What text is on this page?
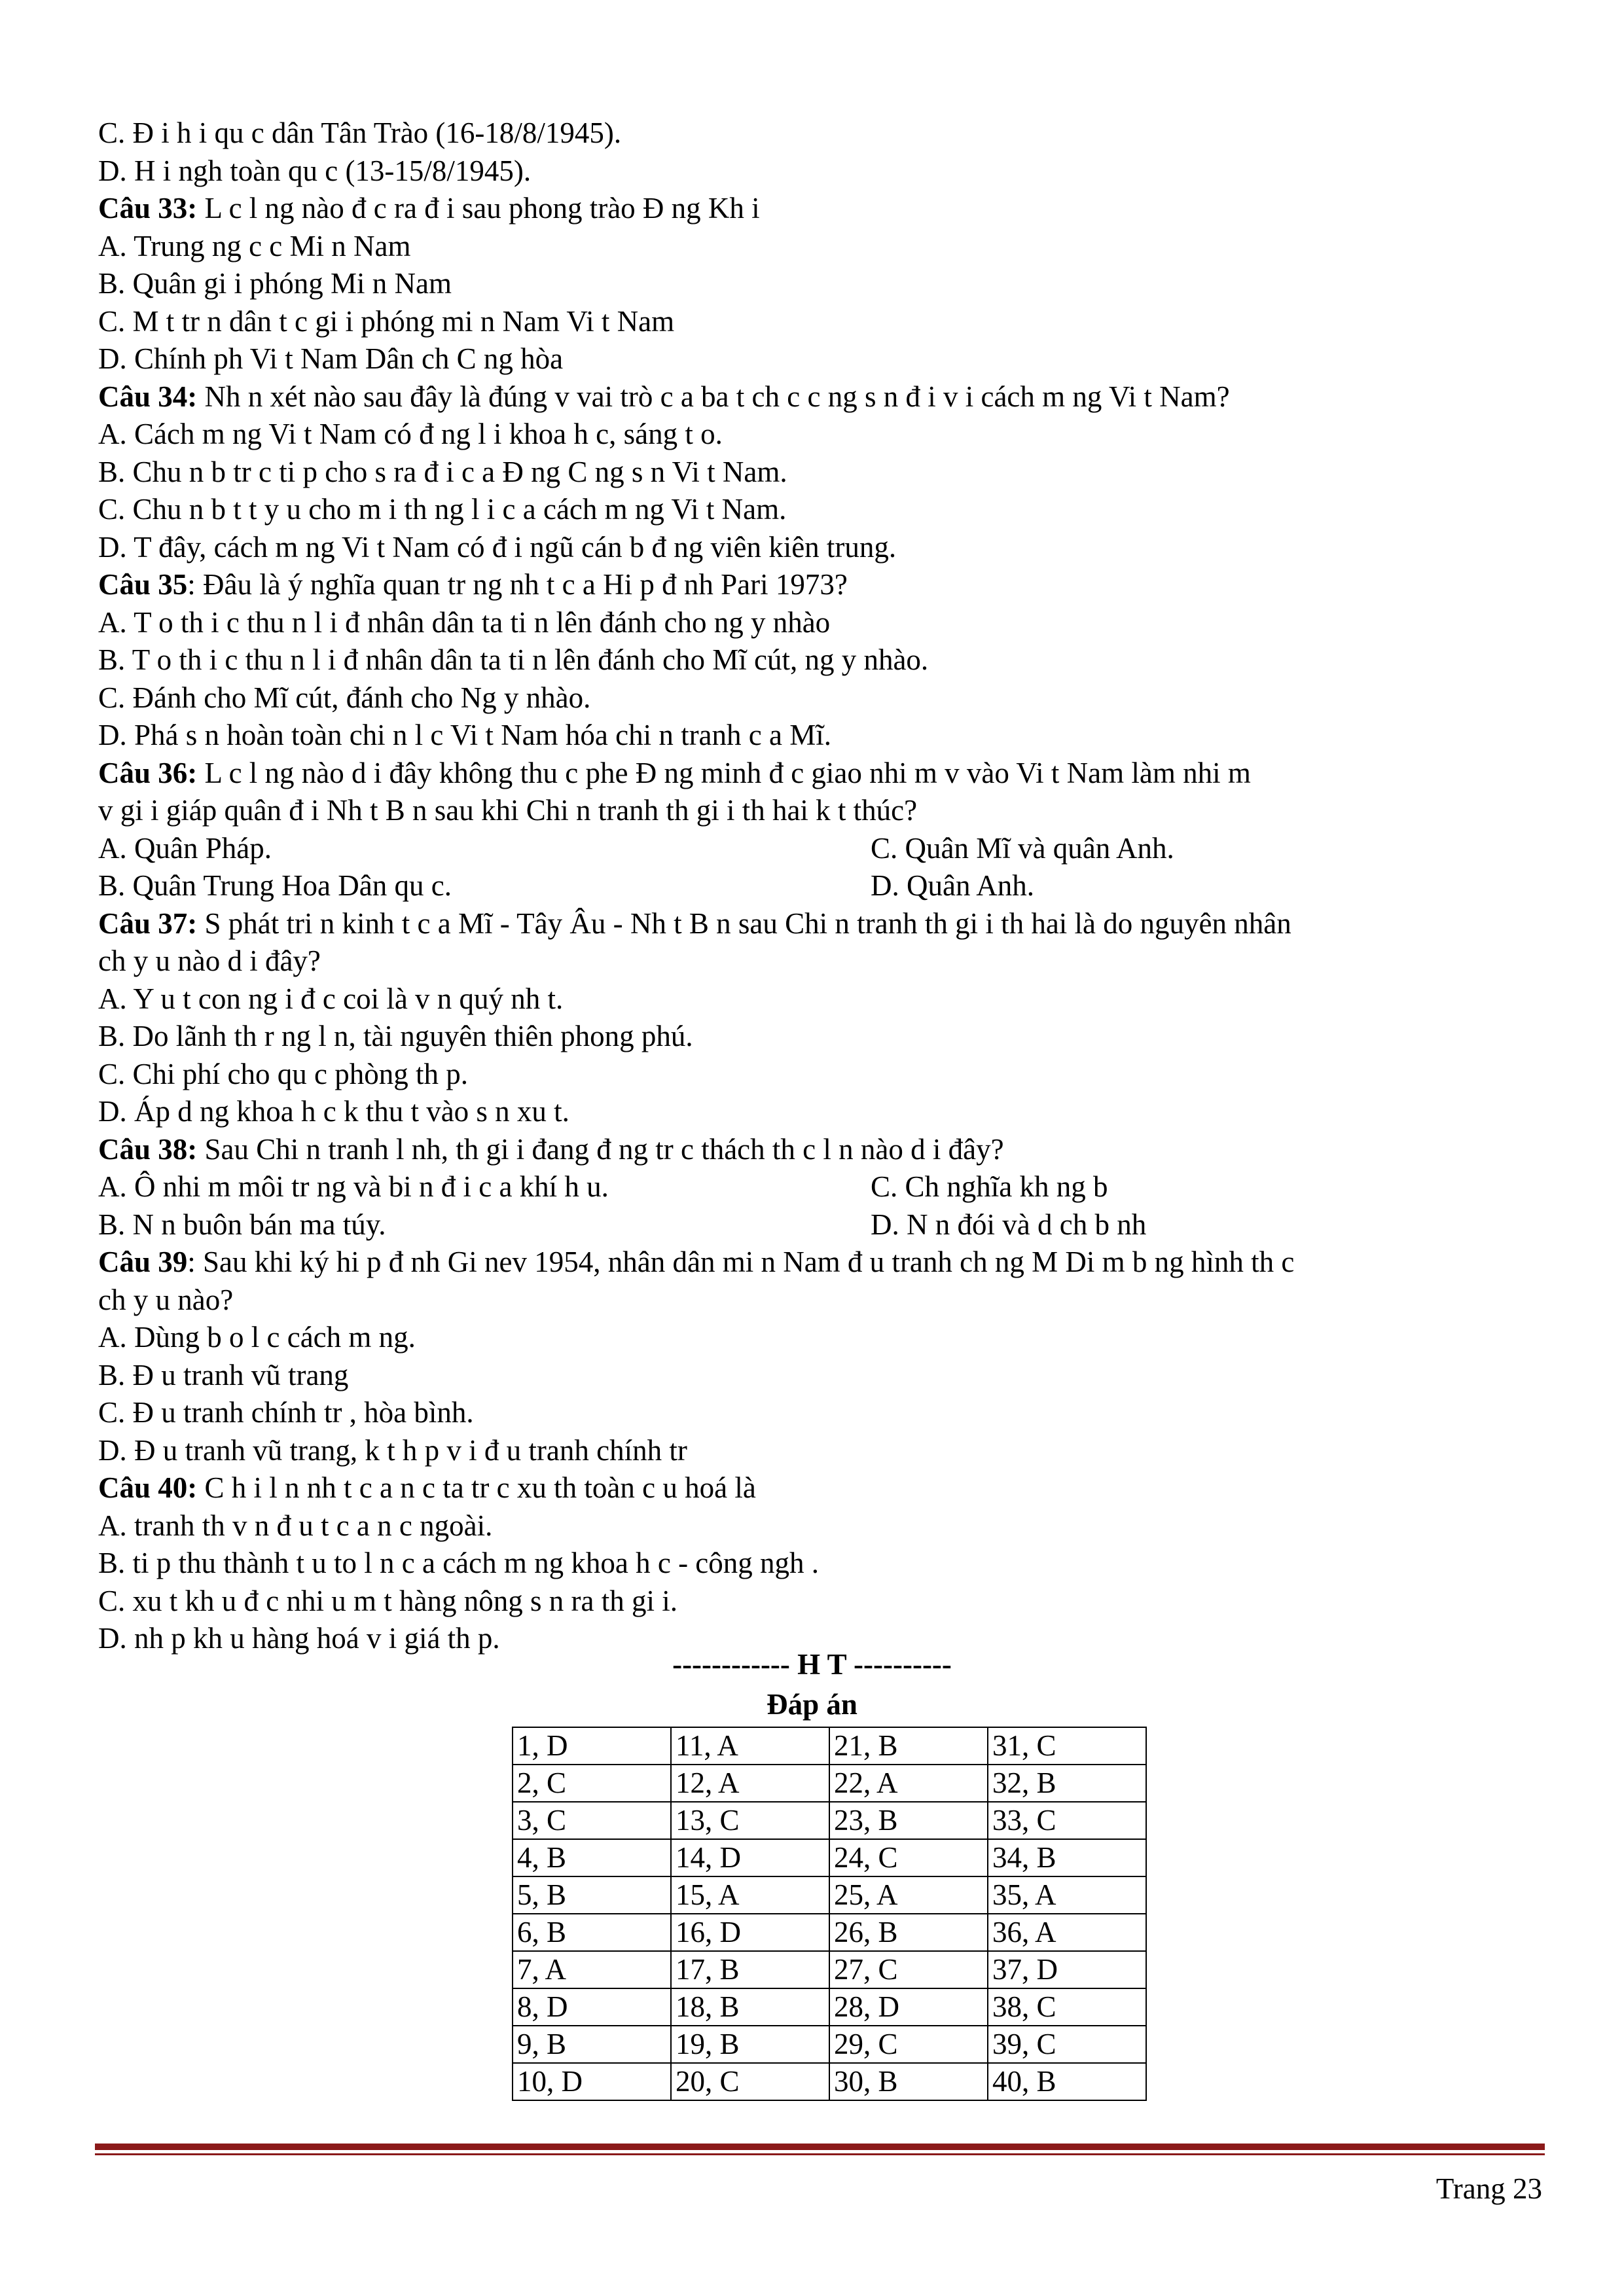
C. Đ i h i qu c dân Tân Trào (16-18/8/1945).
D. H i ngh toàn qu c (13-15/8/1945).
Câu 33: L c l ng nào đ c ra đ i sau phong trào Đ ng Kh i
A. Trung ng c c Mi n Nam
B. Quân gi i phóng Mi n Nam
C. M t tr n dân t c gi i phóng mi n Nam Vi t Nam
D. Chính ph Vi t Nam Dân ch C ng hòa
Câu 34: Nh n xét nào sau đây là đúng v vai trò c a ba t ch c c ng s n đ i v i cách m ng Vi t Nam?
A. Cách m ng Vi t Nam có đ ng l i khoa h c, sáng t o.
B. Chu n b tr c ti p cho s ra đ i c a Đ ng C ng s n Vi t Nam.
C. Chu n b t t y u cho m i th ng l i c a cách m ng Vi t Nam.
D. T đây, cách m ng Vi t Nam có đ i ngũ cán b đ ng viên kiên trung.
Câu 35: Đâu là ý nghĩa quan tr ng nh t c a Hi p đ nh Pari 1973?
A. T o th i c thu n l i đ nhân dân ta ti n lên đánh cho ng y nhào
B. T o th i c thu n l i đ nhân dân ta ti n lên đánh cho Mĩ cút, ng y nhào.
C. Đánh cho Mĩ cút, đánh cho Ng y nhào.
D. Phá s n hoàn toàn chi n l c Vi t Nam hóa chi n tranh c a Mĩ.
Câu 36: L c l ng nào d i đây không thu c phe Đ ng minh đ c giao nhi m v vào Vi t Nam làm nhi m
v gi i giáp quân đ i Nh t B n sau khi Chi n tranh th gi i th hai k t thúc?
A. Quân Pháp.	C. Quân Mĩ và quân Anh.
B. Quân Trung Hoa Dân qu c.	D. Quân Anh.
Câu 37: S phát tri n kinh t c a Mĩ - Tây Âu - Nh t B n sau Chi n tranh th gi i th hai là do nguyên nhân
ch y u nào d i đây?
A. Y u t con ng i đ c coi là v n quý nh t.
B. Do lãnh th r ng l n, tài nguyên thiên phong phú.
C. Chi phí cho qu c phòng th p.
D. Áp d ng khoa h c k thu t vào s n xu t.
Câu 38: Sau Chi n tranh l nh, th gi i đang đ ng tr c thách th c l n nào d i đây?
A. Ô nhi m môi tr ng và bi n đ i c a khí h u.	C. Ch nghĩa kh ng b
B. N n buôn bán ma túy.	D. N n đói và d ch b nh
Câu 39: Sau khi ký hi p đ nh Gi nev 1954, nhân dân mi n Nam đ u tranh ch ng M Di m b ng hình th c
ch y u nào?
A. Dùng b o l c cách m ng.
B. Đ u tranh vũ trang
C. Đ u tranh chính tr , hòa bình.
D. Đ u tranh vũ trang, k t h p v i đ u tranh chính tr
Câu 40: C h i l n nh t c a n c ta tr c xu th toàn c u hoá là
A. tranh th v n đ u t c a n c ngoài.
B. ti p thu thành t u to l n c a cách m ng khoa h c - công ngh .
C. xu t kh u đ c nhi u m t hàng nông s n ra th gi i.
D. nh p kh u hàng hoá v i giá th p.
------------ H T ----------
Đáp án
1, D	11, A	21, B	31, C
2, C	12, A	22, A	32, B
3, C	13, C	23, B	33, C
4, B	14, D	24, C	34, B
5, B	15, A	25, A	35, A
6, B	16, D	26, B	36, A
7, A	17, B	27, C	37, D
8, D	18, B	28, D	38, C
9, B	19, B	29, C	39, C
10, D	20, C	30, B	40, B
Trang 23
